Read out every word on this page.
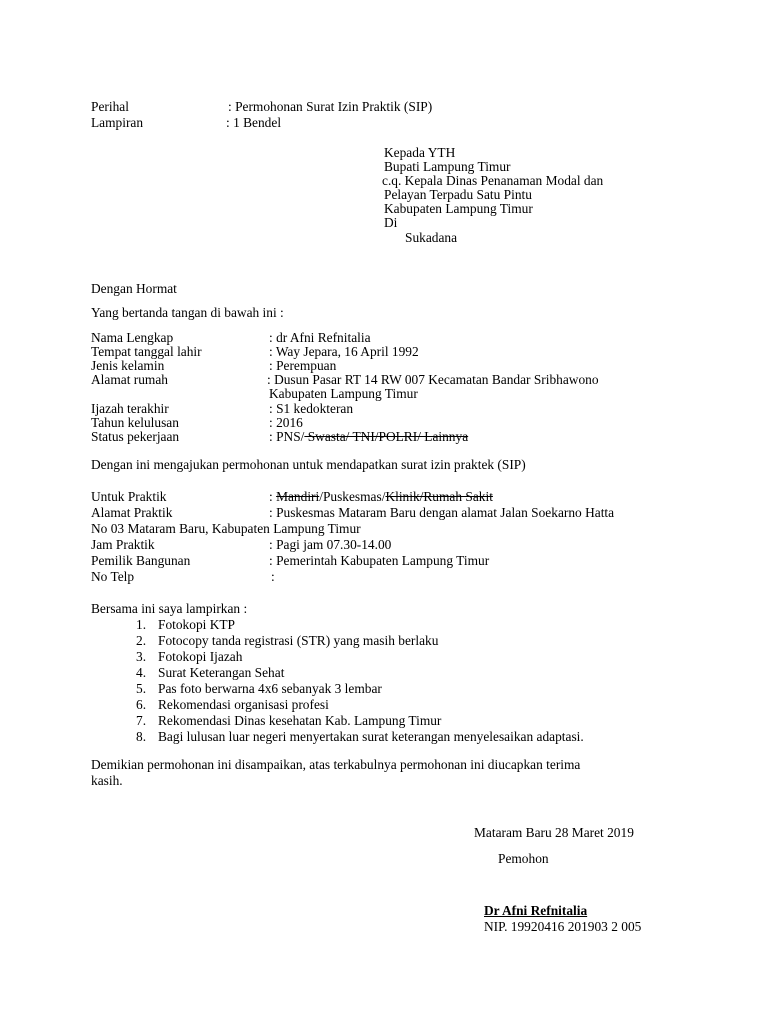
Perihal	: Permohonan Surat Izin Praktik (SIP)
Lampiran	: 1 Bendel
Kepada YTH
Bupati Lampung Timur
c.q. Kepala Dinas Penanaman Modal dan
Pelayan Terpadu Satu Pintu
Kabupaten Lampung Timur
Di
Sukadana
Dengan Hormat
Yang bertanda tangan di bawah ini :
Nama Lengkap	: dr Afni Refnitalia
Tempat tanggal lahir	: Way Jepara, 16 April 1992
Jenis kelamin	: Perempuan
Alamat rumah	: Dusun Pasar RT 14 RW 007 Kecamatan Bandar Sribhawono
Kabupaten Lampung Timur
Ijazah terakhir	: S1 kedokteran
Tahun kelulusan	: 2016
Status pekerjaan	: PNS/ Swasta/ TNI/POLRI/ Lainnya
Dengan ini mengajukan permohonan untuk mendapatkan surat izin praktek (SIP)
Untuk Praktik	: Mandiri/Puskesmas/Klinik/Rumah Sakit
Alamat Praktik	: Puskesmas Mataram Baru dengan alamat Jalan Soekarno Hatta
No 03 Mataram Baru, Kabupaten Lampung Timur
Jam Praktik	: Pagi jam 07.30-14.00
Pemilik Bangunan	: Pemerintah Kabupaten Lampung Timur
No Telp	:
Bersama ini saya lampirkan :
1. Fotokopi KTP
2. Fotocopy tanda registrasi (STR) yang masih berlaku
3. Fotokopi Ijazah
4. Surat Keterangan Sehat
5. Pas foto berwarna 4x6 sebanyak 3 lembar
6. Rekomendasi organisasi profesi
7. Rekomendasi Dinas kesehatan Kab. Lampung Timur
8. Bagi lulusan luar negeri menyertakan surat keterangan menyelesaikan adaptasi.
Demikian permohonan ini disampaikan, atas terkabulnya permohonan ini diucapkan terima
kasih.
Mataram Baru 28 Maret 2019
Pemohon
Dr Afni Refnitalia
NIP. 19920416 201903 2 005
